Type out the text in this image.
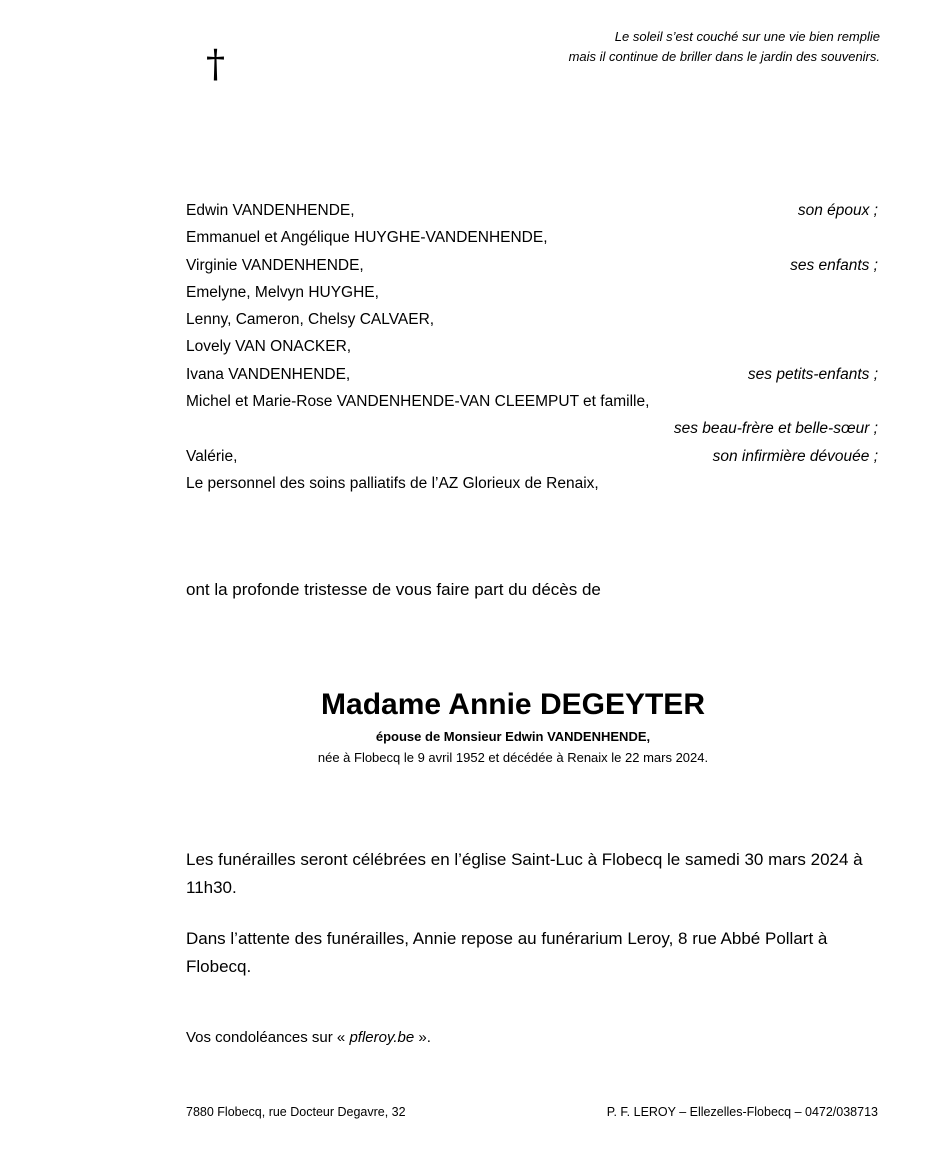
Le soleil s’est couché sur une vie bien remplie
mais il continue de briller dans le jardin des souvenirs.
†
Edwin VANDENHENDE,	son époux ;
Emmanuel et Angélique HUYGHE-VANDENHENDE,
Virginie VANDENHENDE,	ses enfants ;
Emelyne, Melvyn HUYGHE,
Lenny, Cameron, Chelsy CALVAER,
Lovely VAN ONACKER,
Ivana VANDENHENDE,	ses petits-enfants ;
Michel et Marie-Rose VANDENHENDE-VAN CLEEMPUT et famille,
ses beau-frère et belle-sœur ;
Valérie,	son infirmière dévouée ;
Le personnel des soins palliatifs de l’AZ Glorieux de Renaix,
ont la profonde tristesse de vous faire part du décès de
Madame Annie DEGEYTER
épouse de Monsieur Edwin VANDENHENDE,
née à Flobecq le 9 avril 1952 et décédée à Renaix le 22 mars 2024.
Les funérailles seront célébrées en l’église Saint-Luc à Flobecq le samedi 30 mars 2024 à 11h30.
Dans l’attente des funérailles, Annie repose au funérarium Leroy, 8 rue Abbé Pollart à Flobecq.
Vos condoléances sur « pfleroy.be ».
7880 Flobecq, rue Docteur Degavre, 32	P. F. LEROY – Ellezelles-Flobecq – 0472/038713
